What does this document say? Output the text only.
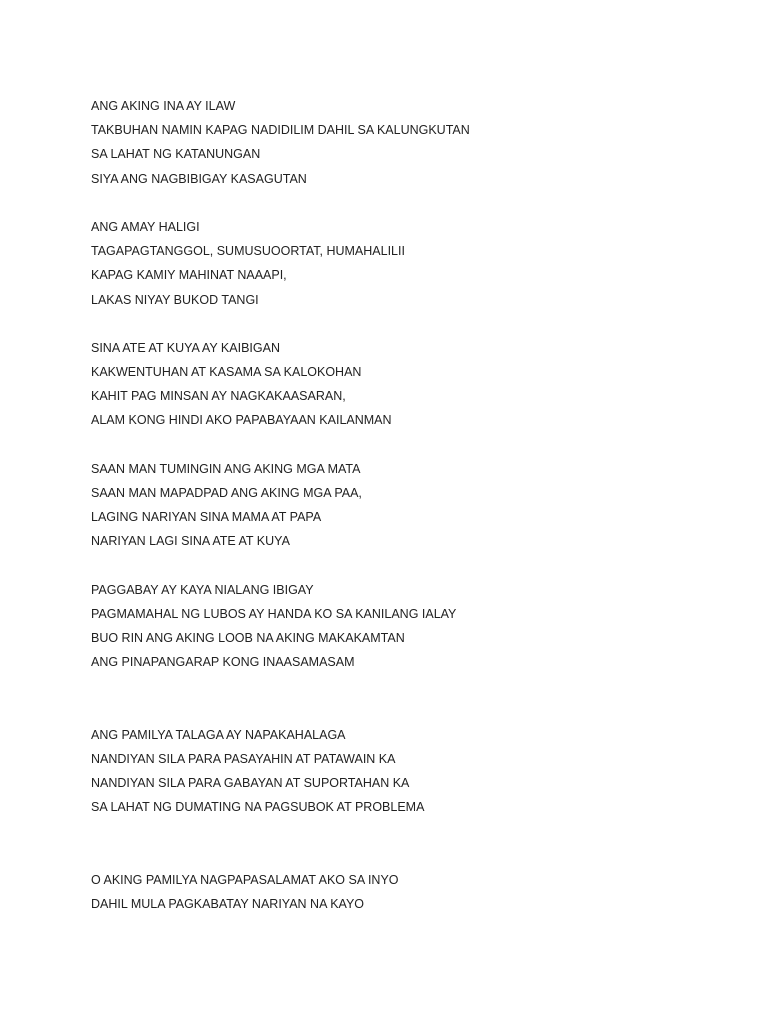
ANG AKING INA AY ILAW
TAKBUHAN NAMIN KAPAG NADIDILIM DAHIL SA KALUNGKUTAN
SA LAHAT NG KATANUNGAN
SIYA ANG NAGBIBIGAY KASAGUTAN
ANG AMAY HALIGI
TAGAPAGTANGGOL, SUMUSUOORTAT, HUMAHALILII
KAPAG KAMIY MAHINAT NAAAPI,
LAKAS NIYAY BUKOD TANGI
SINA ATE AT KUYA AY KAIBIGAN
KAKWENTUHAN AT KASAMA SA KALOKOHAN
KAHIT PAG MINSAN AY NAGKAKAASARAN,
ALAM KONG HINDI AKO PAPABAYAAN KAILANMAN
SAAN MAN TUMINGIN ANG AKING MGA MATA
SAAN MAN MAPADPAD ANG AKING MGA PAA,
LAGING NARIYAN SINA MAMA AT PAPA
NARIYAN LAGI SINA ATE AT KUYA
PAGGABAY AY KAYA NIALANG IBIGAY
PAGMAMAHAL NG LUBOS AY HANDA KO SA KANILANG IALAY
BUO RIN ANG AKING LOOB NA AKING MAKAKAMTAN
ANG PINAPANGARAP KONG INAASAMASAM
ANG PAMILYA TALAGA AY NAPAKAHALAGA
NANDIYAN SILA PARA PASAYAHIN AT PATAWAIN KA
NANDIYAN SILA PARA GABAYAN AT SUPORTAHAN KA
SA LAHAT NG DUMATING NA PAGSUBOK AT PROBLEMA
O AKING PAMILYA NAGPAPASALAMAT AKO SA INYO
DAHIL MULA PAGKABATAY NARIYAN NA KAYO
